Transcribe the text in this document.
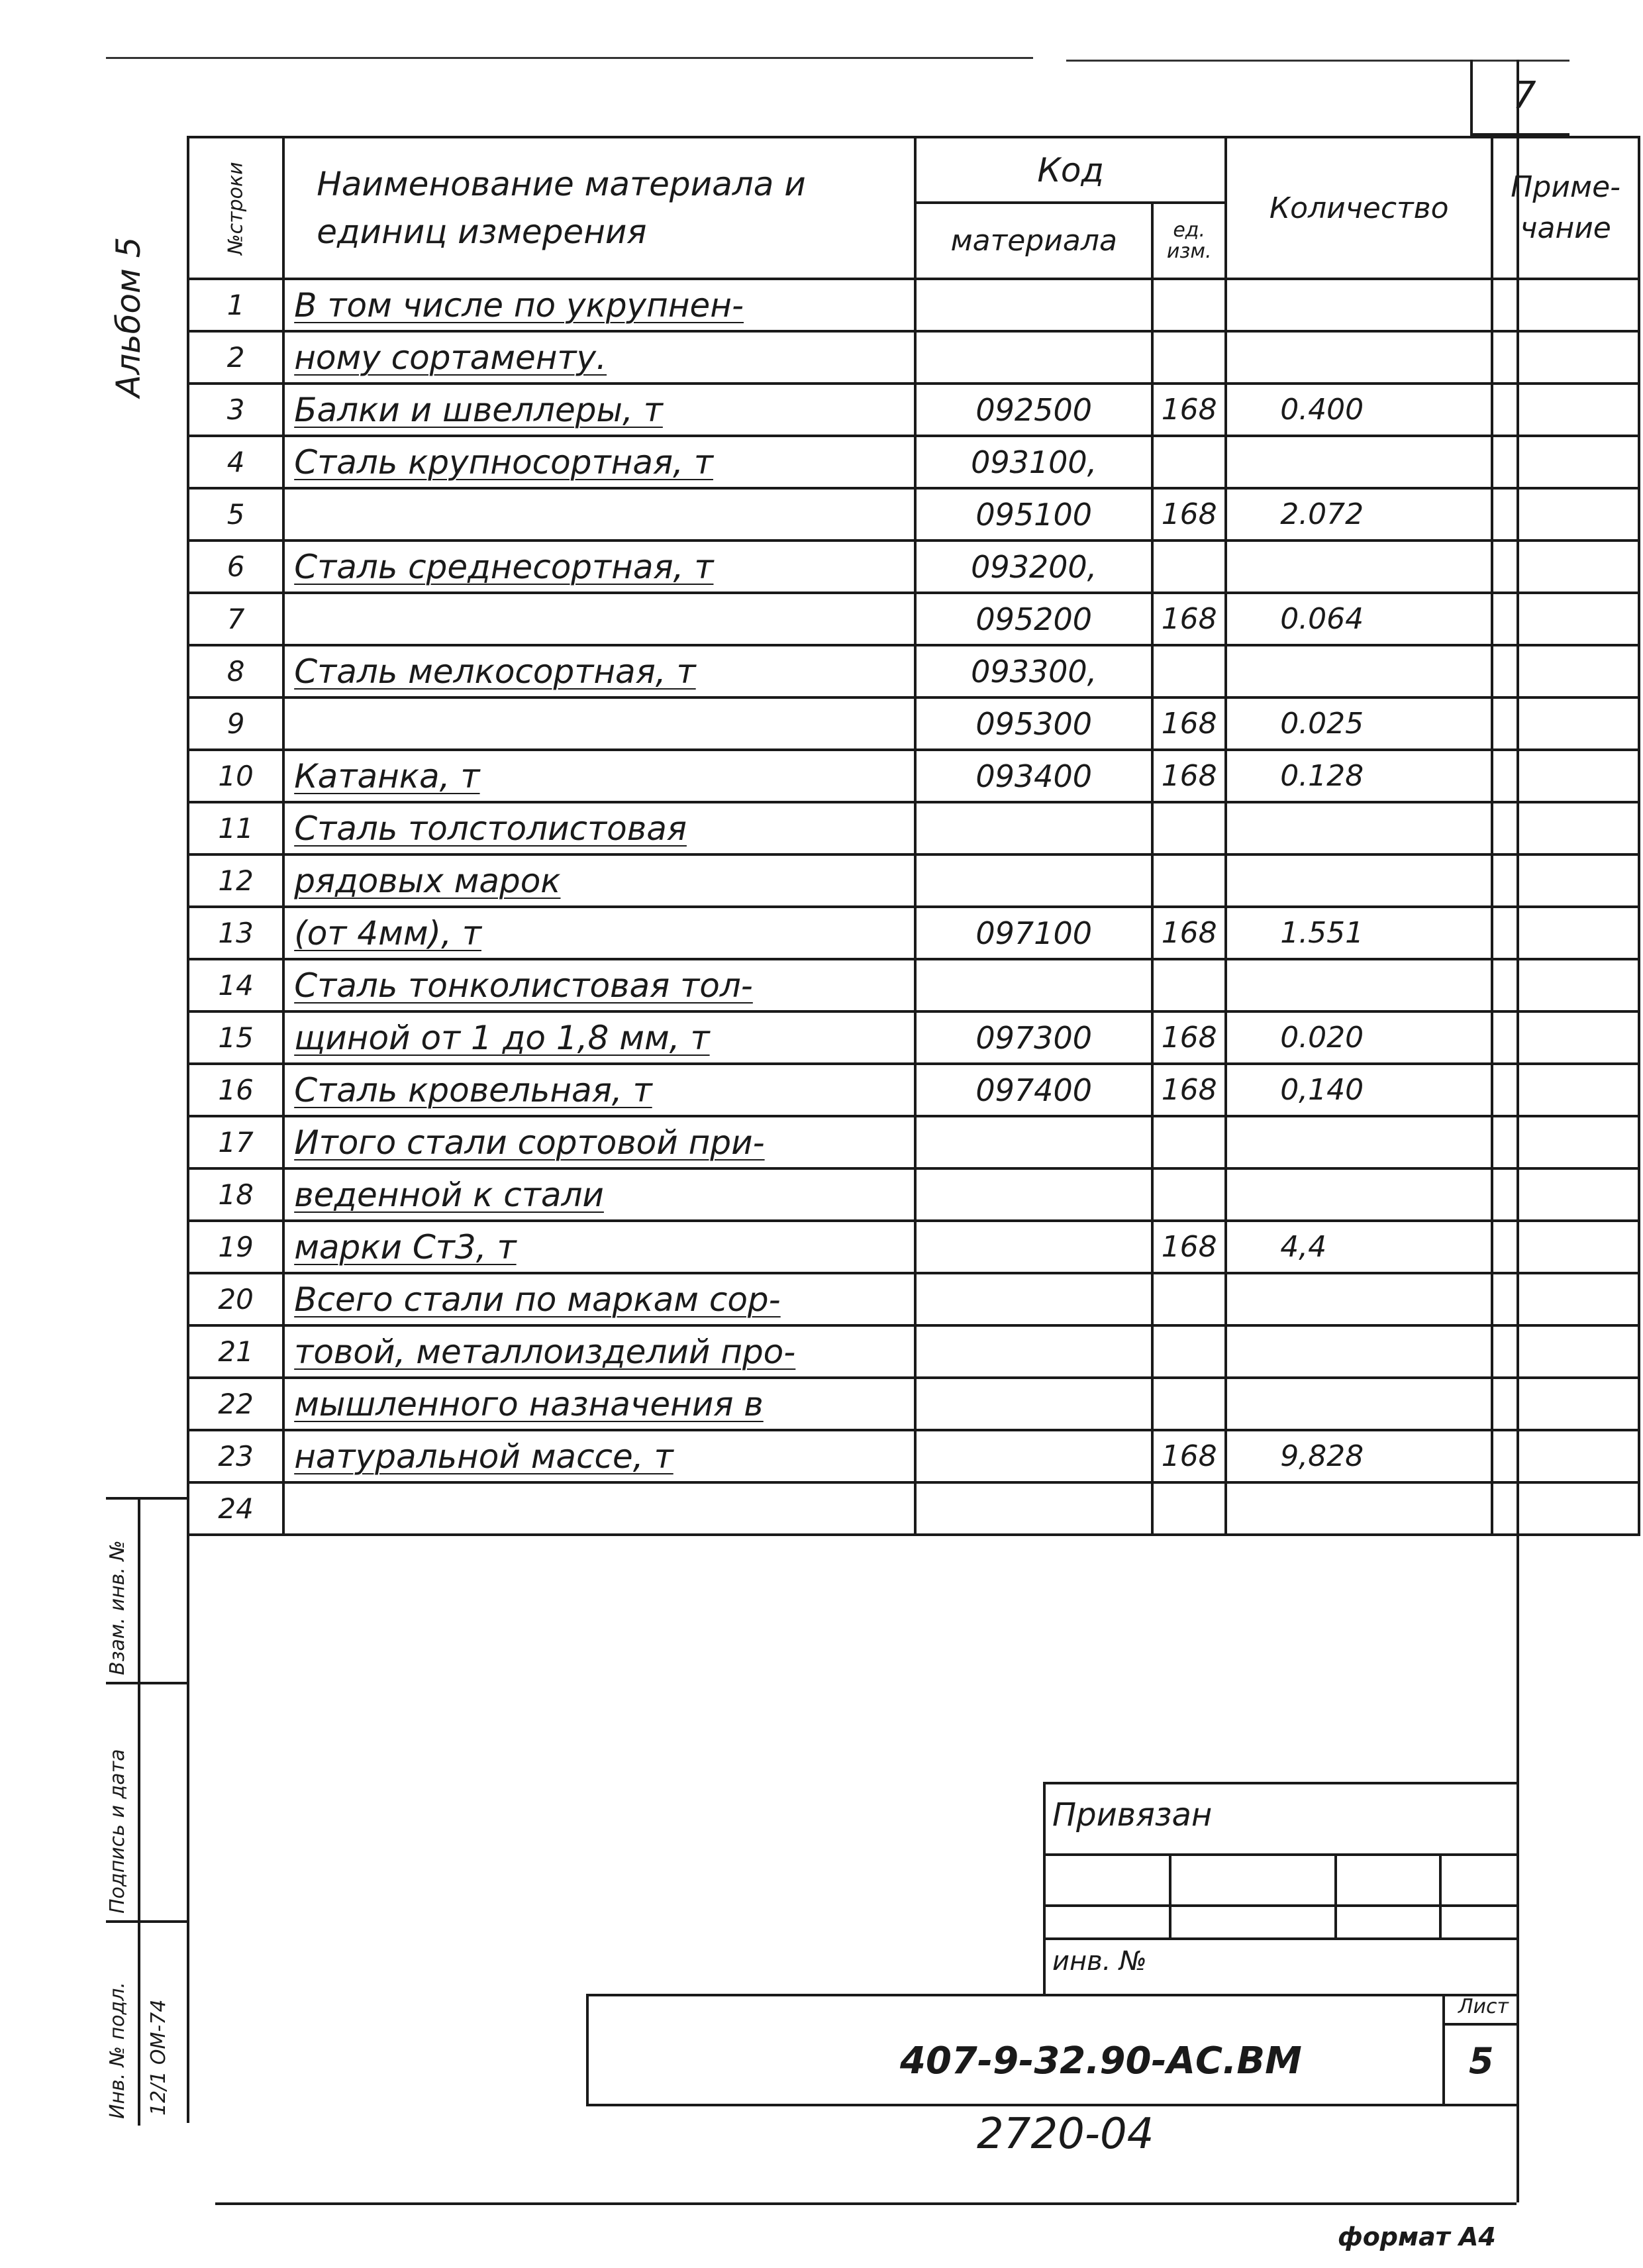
7
Альбом 5
№строки	Наименование материала и единиц измерения	Код		Количество	Приме-чание
		материала	ед. изм.		
1	В том числе по укрупнен-				
2	ному сортаменту.				
3	Балки и швеллеры, т	092500	168	0.400	
4	Сталь крупносортная, т	093100,			
5		095100	168	2.072	
6	Сталь среднесортная, т	093200,			
7		095200	168	0.064	
8	Сталь мелкосортная, т	093300,			
9		095300	168	0.025	
10	Катанка, т	093400	168	0.128	
11	Сталь толстолистовая				
12	рядовых марок				
13	(от 4мм), т	097100	168	1.551	
14	Сталь тонколистовая тол-				
15	щиной от 1 до 1,8 мм, т	097300	168	0.020	
16	Сталь кровельная, т	097400	168	0,140	
17	Итого стали сортовой при-				
18	веденной к стали				
19	марки Ст3, т		168	4,4	
20	Всего стали по маркам сор-				
21	товой, металлоизделий про-				
22	мышленного назначения в				
23	натуральной массе, т		168	9,828	
24					
Взам. инв. №
Подпись и дата
Инв. № подл. 12/1 ОМ-74
Привязан
инв. №
407-9-32.90-АС.ВМ
Лист
5
2720-04
формат А4
